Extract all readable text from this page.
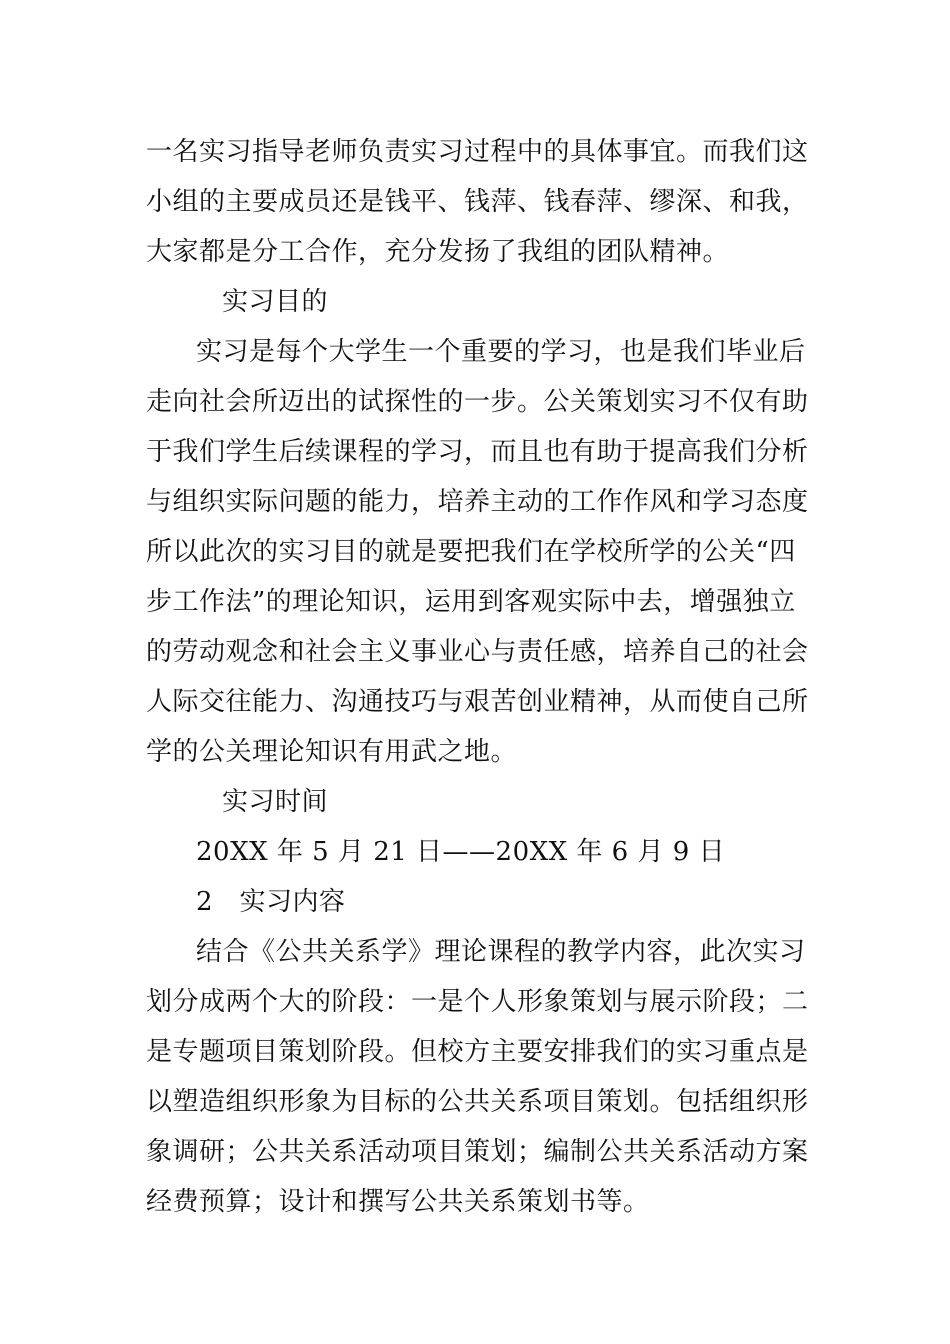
一名实习指导老师负责实习过程中的具体事宜。而我们这
小组的主要成员还是钱平、钱萍、钱春萍、缪深、和我，
大家都是分工合作，充分发扬了我组的团队精神。
实习目的
实习是每个大学生一个重要的学习，也是我们毕业后
走向社会所迈出的试探性的一步。公关策划实习不仅有助
于我们学生后续课程的学习，而且也有助于提高我们分析
与组织实际问题的能力，培养主动的工作作风和学习态度
所以此次的实习目的就是要把我们在学校所学的公关“四
步工作法”的理论知识，运用到客观实际中去，增强独立
的劳动观念和社会主义事业心与责任感，培养自己的社会
人际交往能力、沟通技巧与艰苦创业精神，从而使自己所
学的公关理论知识有用武之地。
实习时间
20XX 年 5 月 21 日——20XX 年 6 月 9 日
2　实习内容
结合《公共关系学》理论课程的教学内容，此次实习
划分成两个大的阶段：一是个人形象策划与展示阶段；二
是专题项目策划阶段。但校方主要安排我们的实习重点是
以塑造组织形象为目标的公共关系项目策划。包括组织形
象调研；公共关系活动项目策划；编制公共关系活动方案
经费预算；设计和撰写公共关系策划书等。
